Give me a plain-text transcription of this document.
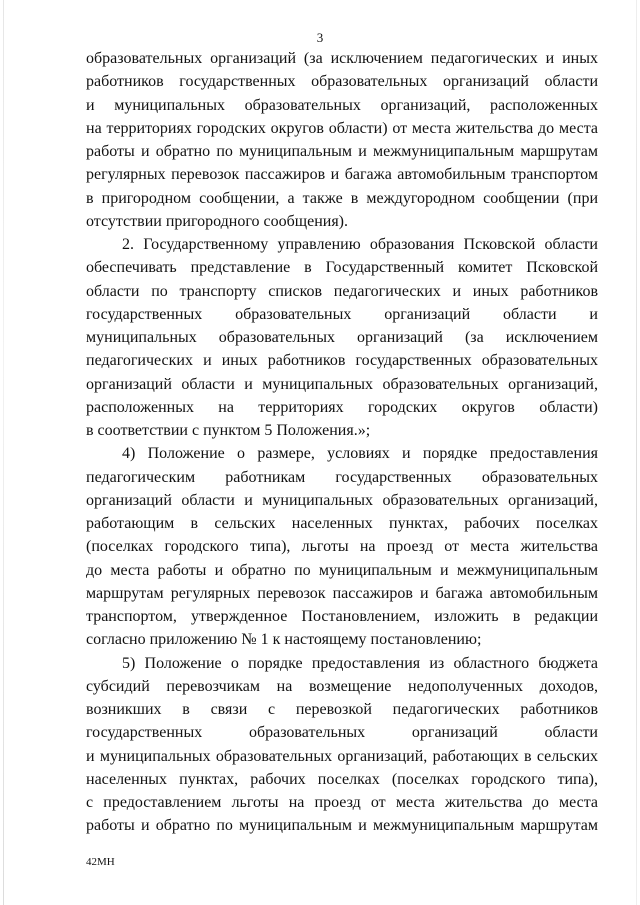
3

образовательных организаций (за исключением педагогических и иных

работников государственных образовательных организаций области

и муниципальных образовательных организаций, расположенных

на территориях городских округов области) от места жительства до места

работы и обратно по муниципальным и межмуниципальным маршрутам

регулярных перевозок пассажиров и багажа автомобильным транспортом

в пригородном сообщении, а также в междугородном сообщении (при

отсутствии пригородного сообщения).

2. Государственному управлению образования Псковской области

обеспечивать представление в Государственный комитет Псковской

области по транспорту списков педагогических и иных работников

государственных образовательных организаций области и

муниципальных образовательных организаций (за исключением

педагогических и иных работников государственных образовательных

организаций области и муниципальных образовательных организаций,

расположенных на территориях городских округов области)

в соответствии с пунктом 5 Положения.»;

4) Положение о размере, условиях и порядке предоставления

педагогическим работникам государственных образовательных

организаций области и муниципальных образовательных организаций,

работающим в сельских населенных пунктах, рабочих поселках

(поселках городского типа), льготы на проезд от места жительства

до места работы и обратно по муниципальным и межмуниципальным

маршрутам регулярных перевозок пассажиров и багажа автомобильным

транспортом, утвержденное Постановлением, изложить в редакции

согласно приложению № 1 к настоящему постановлению;

5) Положение о порядке предоставления из областного бюджета

субсидий перевозчикам на возмещение недополученных доходов,

возникших в связи с перевозкой педагогических работников

государственных образовательных организаций области

и муниципальных образовательных организаций, работающих в сельских

населенных пунктах, рабочих поселках (поселках городского типа),

с предоставлением льготы на проезд от места жительства до места

работы и обратно по муниципальным и межмуниципальным маршрутам

42МН
